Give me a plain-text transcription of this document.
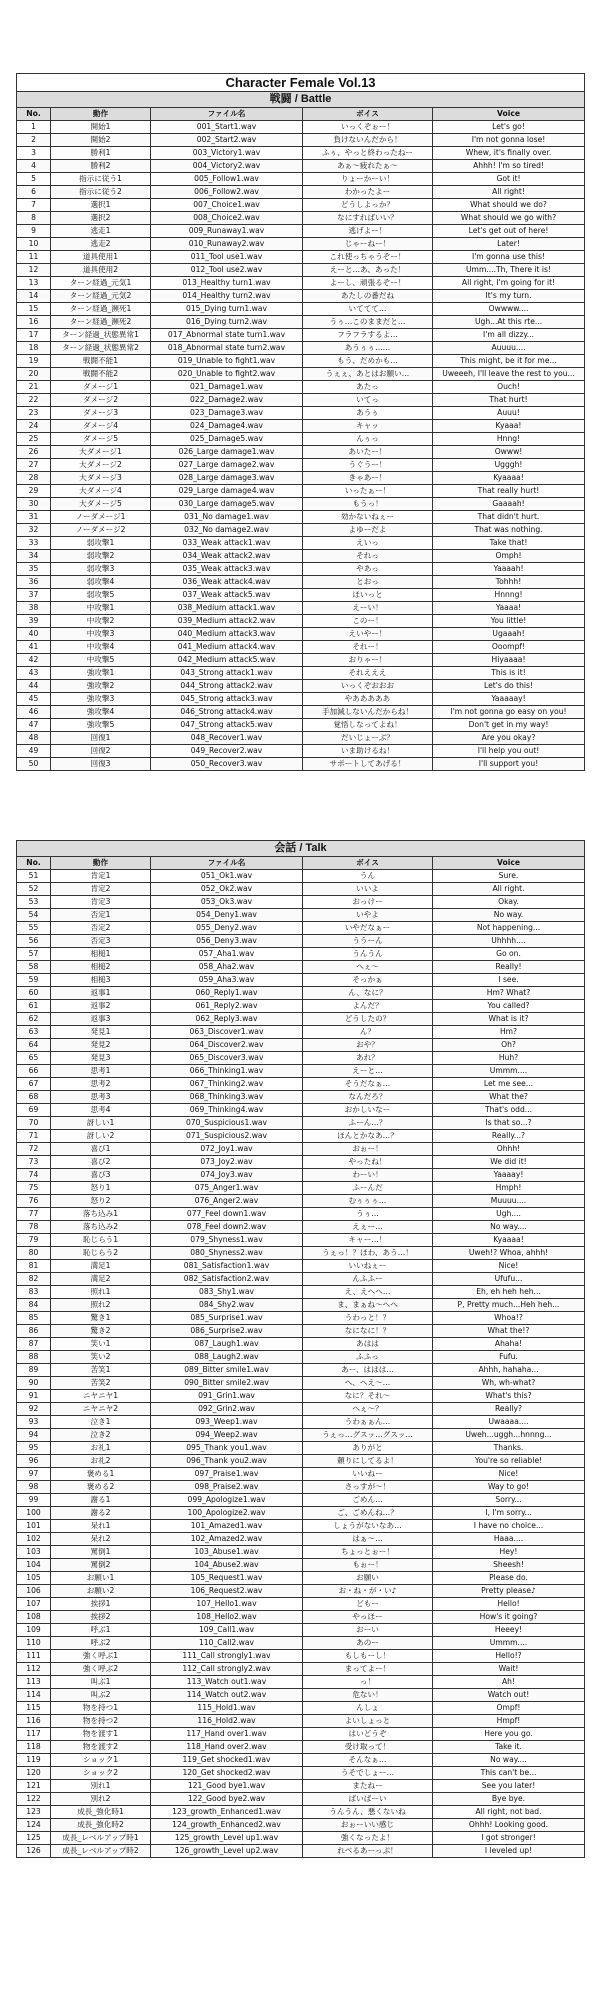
Character Female Vol.13				
戦闘 / Battle				
No.	動作	ファイル名	ボイス	Voice
1	開始1	001_Start1.wav	いっくぞぉー！	Let's go!
2	開始2	002_Start2.wav	負けないんだから！	I'm not gonna lose!
3	勝利1	003_Victory1.wav	ふぅ、やっと終わったねー	Whew, it's finally over.
4	勝利2	004_Victory2.wav	あぁ～疲れたぁ～	Ahhh! I'm so tired!
5	指示に従う1	005_Follow1.wav	りょーかーい！	Got it!
6	指示に従う2	006_Follow2.wav	わかったよー	All right!
7	選択1	007_Choice1.wav	どうしよっか？	What should we do?
8	選択2	008_Choice2.wav	なにすればいい？	What should we go with?
9	逃走1	009_Runaway1.wav	逃げよー！	Let's get out of here!
10	逃走2	010_Runaway2.wav	じゃーねー！	Later!
11	道具使用1	011_Tool use1.wav	これ使っちゃうぞー！	I'm gonna use this!
12	道具使用2	012_Tool use2.wav	えーと…あ、あった！	Umm....Th, There it is!
13	ターン経過_元気1	013_Healthy turn1.wav	よーし、頑張るぞー！	All right, I'm going for it!
14	ターン経過_元気2	014_Healthy turn2.wav	あたしの番だね	It's my turn.
15	ターン経過_瀕死1	015_Dying turn1.wav	いててて…	Owwww....
16	ターン経過_瀕死2	016_Dying turn2.wav	うぅ…このままだと…	Ugh...At this rte...
17	ターン経過_状態異常1	017_Abnormal state turn1.wav	フラフラするよ…	I'm all dizzy...
18	ターン経過_状態異常2	018_Abnormal state turn2.wav	あうぅぅ……	Auuuu....
19	戦闘不能1	019_Unable to fight1.wav	もう、だめかも…	This might, be it for me...
20	戦闘不能2	020_Unable to fight2.wav	うぇぇ、あとはお願い…	Uweeeh, I'll leave the rest to you...
21	ダメージ1	021_Damage1.wav	あたっ	Ouch!
22	ダメージ2	022_Damage2.wav	いてっ	That hurt!
23	ダメージ3	023_Damage3.wav	あうぅ	Auuu!
24	ダメージ4	024_Damage4.wav	キャッ	Kyaaa!
25	ダメージ5	025_Damage5.wav	んぅっ	Hnng!
26	大ダメージ1	026_Large damage1.wav	あいたー！	Owww!
27	大ダメージ2	027_Large damage2.wav	うぐうー！	Ugggh!
28	大ダメージ3	028_Large damage3.wav	きゃあー！	Kyaaaa!
29	大ダメージ4	029_Large damage4.wav	いったぁー！	That really hurt!
30	大ダメージ5	030_Large damage5.wav	もうっ！	Gaaaah!
31	ノーダメージ1	031_No damage1.wav	効かないねぇー	That didn't hurt.
32	ノーダメージ2	032_No damage2.wav	よゆーだよ	That was nothing.
33	弱攻撃1	033_Weak attack1.wav	えいっ	Take that!
34	弱攻撃2	034_Weak attack2.wav	それっ	Omph!
35	弱攻撃3	035_Weak attack3.wav	やあっ	Yaaaah!
36	弱攻撃4	036_Weak attack4.wav	とおっ	Tohhh!
37	弱攻撃5	037_Weak attack5.wav	ほいっと	Hnnng!
38	中攻撃1	038_Medium attack1.wav	えーい！	Yaaaa!
39	中攻撃2	039_Medium attack2.wav	このー！	You little!
40	中攻撃3	040_Medium attack3.wav	えいやー！	Ugaaah!
41	中攻撃4	041_Medium attack4.wav	それー！	Ooompf!
42	中攻撃5	042_Medium attack5.wav	おりゃー！	Hiyaaaa!
43	強攻撃1	043_Strong attack1.wav	それえええ	This is it!
44	強攻撃2	044_Strong attack2.wav	いっくぞおおお	Let's do this!
45	強攻撃3	045_Strong attack3.wav	やあああああ	Yaaaaay!
46	強攻撃4	046_Strong attack4.wav	手加減しないんだからね！	I'm not gonna go easy on you!
47	強攻撃5	047_Strong attack5.wav	覚悟しなってよね！	Don't get in my way!
48	回復1	048_Recover1.wav	だいじょーぶ？	Are you okay?
49	回復2	049_Recover2.wav	いま助けるね！	I'll help you out!
50	回復3	050_Recover3.wav	サポートしてあげる！	I'll support you!
会話 / Talk				
No.	動作	ファイル名	ボイス	Voice
51	肯定1	051_Ok1.wav	うん	Sure.
52	肯定2	052_Ok2.wav	いいよ	All right.
53	肯定3	053_Ok3.wav	おっけー	Okay.
54	否定1	054_Deny1.wav	いやよ	No way.
55	否定2	055_Deny2.wav	いやだなぁー	Not happening...
56	否定3	056_Deny3.wav	ううーん	Uhhhh....
57	相槌1	057_Aha1.wav	うんうん	Go on.
58	相槌2	058_Aha2.wav	へぇ～	Really!
59	相槌3	059_Aha3.wav	そっかぁ	I see.
60	返事1	060_Reply1.wav	ん、なに？	Hm? What?
61	返事2	061_Reply2.wav	よんだ？	You called?
62	返事3	062_Reply3.wav	どうしたの？	What is it?
63	発見1	063_Discover1.wav	ん？	Hm?
64	発見2	064_Discover2.wav	おや？	Oh?
65	発見3	065_Discover3.wav	あれ？	Huh?
66	思考1	066_Thinking1.wav	えーと…	Ummm....
67	思考2	067_Thinking2.wav	そうだなぁ…	Let me see...
68	思考3	068_Thinking3.wav	なんだろ？	What the?
69	思考4	069_Thinking4.wav	おかしいなー	That's odd...
70	訝しい1	070_Suspicious1.wav	ふーん…？	Is that so...?
71	訝しい2	071_Suspicious2.wav	ほんとかなあ…？	Really...?
72	喜び1	072_Joy1.wav	おぉー！	Ohhh!
73	喜び2	073_Joy2.wav	やったね！	We did it!
74	喜び3	074_Joy3.wav	わーい！	Yaaaay!
75	怒り1	075_Anger1.wav	ふーんだ	Hmph!
76	怒り2	076_Anger2.wav	むぅぅぅ…	Muuuu....
77	落ち込み1	077_Feel down1.wav	うぅ…	Ugh....
78	落ち込み2	078_Feel down2.wav	えぇー…	No way....
79	恥じらう1	079_Shyness1.wav	キャー…！	Kyaaaa!
80	恥じらう2	080_Shyness2.wav	うぇっ！？ほわ、あう…！	Uweh!? Whoa, ahhh!
81	満足1	081_Satisfaction1.wav	いいねぇー	Nice!
82	満足2	082_Satisfaction2.wav	んふふー	Ufufu...
83	照れ1	083_Shy1.wav	え、えへへ…	Eh, eh heh heh...
84	照れ2	084_Shy2.wav	ま、まぁね～へへ	P, Pretty much...Heh heh...
85	驚き1	085_Surprise1.wav	うわっと！？	Whoa!?
86	驚き2	086_Surprise2.wav	なになに！？	What the!?
87	笑い1	087_Laugh1.wav	あはは	Ahaha!
88	笑い2	088_Laugh2.wav	ふふっ	Fufu.
89	苦笑1	089_Bitter smile1.wav	あー、ははは…	Ahhh, hahaha...
90	苦笑2	090_Bitter smile2.wav	へ、へえ～…	Wh, wh-what?
91	ニヤニヤ1	091_Grin1.wav	なに？それ～	What's this?
92	ニヤニヤ2	092_Grin2.wav	へぇ～？	Really?
93	泣き1	093_Weep1.wav	うわぁぁん…	Uwaaaa....
94	泣き2	094_Weep2.wav	うぇっ…グスッ…グスッ…	Uweh...uggh...hnnng...
95	お礼1	095_Thank you1.wav	ありがと	Thanks.
96	お礼2	096_Thank you2.wav	頼りにしてるよ！	You're so reliable!
97	褒める1	097_Praise1.wav	いいねー	Nice!
98	褒める2	098_Praise2.wav	さっすが～！	Way to go!
99	謝る1	099_Apologize1.wav	ごめん…	Sorry...
100	謝る2	100_Apologize2.wav	ご、ごめんね…？	I, I'm sorry...
101	呆れ1	101_Amazed1.wav	しょうがないなあ…	I have no choice...
102	呆れ2	102_Amazed2.wav	はぁ～…	Haaa....
103	罵倒1	103_Abuse1.wav	ちょっとぉー！	Hey!
104	罵倒2	104_Abuse2.wav	もぉー！	Sheesh!
105	お願い1	105_Request1.wav	お願い	Please do.
106	お願い2	106_Request2.wav	お・ね・が・い♪	Pretty please♪
107	挨拶1	107_Hello1.wav	どもー	Hello!
108	挨拶2	108_Hello2.wav	やっほー	How's it going?
109	呼ぶ1	109_Call1.wav	おーい	Heeey!
110	呼ぶ2	110_Call2.wav	あのー	Ummm....
111	強く呼ぶ1	111_Call strongly1.wav	もしもーし！	Hello!?
112	強く呼ぶ2	112_Call strongly2.wav	まってよー！	Wait!
113	叫ぶ1	113_Watch out1.wav	っ！	Ah!
114	叫ぶ2	114_Watch out2.wav	危ない！	Watch out!
115	物を持つ1	115_Hold1.wav	んしょ	Ompf!
116	物を持つ2	116_Hold2.wav	よいしょっと	Hmpf!
117	物を渡す1	117_Hand over1.wav	はいどうぞ	Here you go.
118	物を渡す2	118_Hand over2.wav	受け取って！	Take it.
119	ショック1	119_Get shocked1.wav	そんなぁ…	No way....
120	ショック2	120_Get shocked2.wav	うそでしょー…	This can't be...
121	別れ1	121_Good bye1.wav	またねー	See you later!
122	別れ2	122_Good bye2.wav	ばいばーい	Bye bye.
123	成長_強化時1	123_growth_Enhanced1.wav	うんうん、悪くないね	All right, not bad.
124	成長_強化時2	124_growth_Enhanced2.wav	おぉーいい感じ	Ohhh! Looking good.
125	成長_レベルアップ時1	125_growth_Level up1.wav	強くなったよ！	I got stronger!
126	成長_レベルアップ時2	126_growth_Level up2.wav	れべるあーっぷ！	I leveled up!
